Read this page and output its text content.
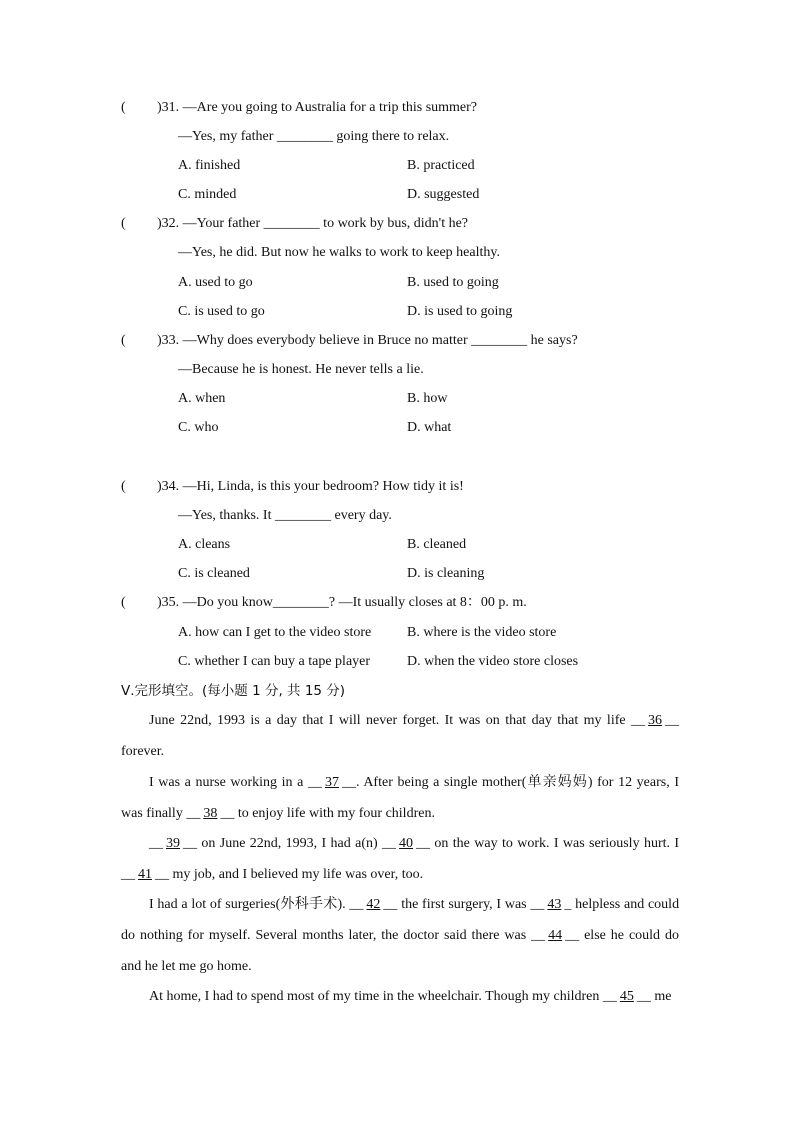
( )31. —Are you going to Australia for a trip this summer?
—Yes, my father ________ going there to relax.
A. finished	B. practiced
C. minded	D. suggested
( )32. —Your father ________ to work by bus, didn't he?
—Yes, he did. But now he walks to work to keep healthy.
A. used to go	B. used to going
C. is used to go	D. is used to going
( )33. —Why does everybody believe in Bruce no matter ________ he says?
—Because he is honest. He never tells a lie.
A. when	B. how
C. who	D. what
( )34. —Hi, Linda, is this your bedroom? How tidy it is!
—Yes, thanks. It ________ every day.
A. cleans	B. cleaned
C. is cleaned	D. is cleaning
( )35. —Do you know________? —It usually closes at 8：00 p. m.
A. how can I get to the video store	B. where is the video store
C. whether I can buy a tape player	D. when the video store closes
Ⅴ.完形填空。(每小题 1 分, 共 15 分)
June 22nd, 1993 is a day that I will never forget. It was on that day that my life __ 36 __ forever.
I was a nurse working in a __ 37 __. After being a single mother(单亲妈妈) for 12 years, I was finally __ 38 __ to enjoy life with my four children.
__ 39 __ on June 22nd, 1993, I had a(n) __ 40 __ on the way to work. I was seriously hurt. I __ 41 __ my job, and I believed my life was over, too.
I had a lot of surgeries(外科手术). __ 42 __ the first surgery, I was __ 43 _ helpless and could do nothing for myself. Several months later, the doctor said there was __ 44 __ else he could do and he let me go home.
At home, I had to spend most of my time in the wheelchair. Though my children __ 45 __ me
